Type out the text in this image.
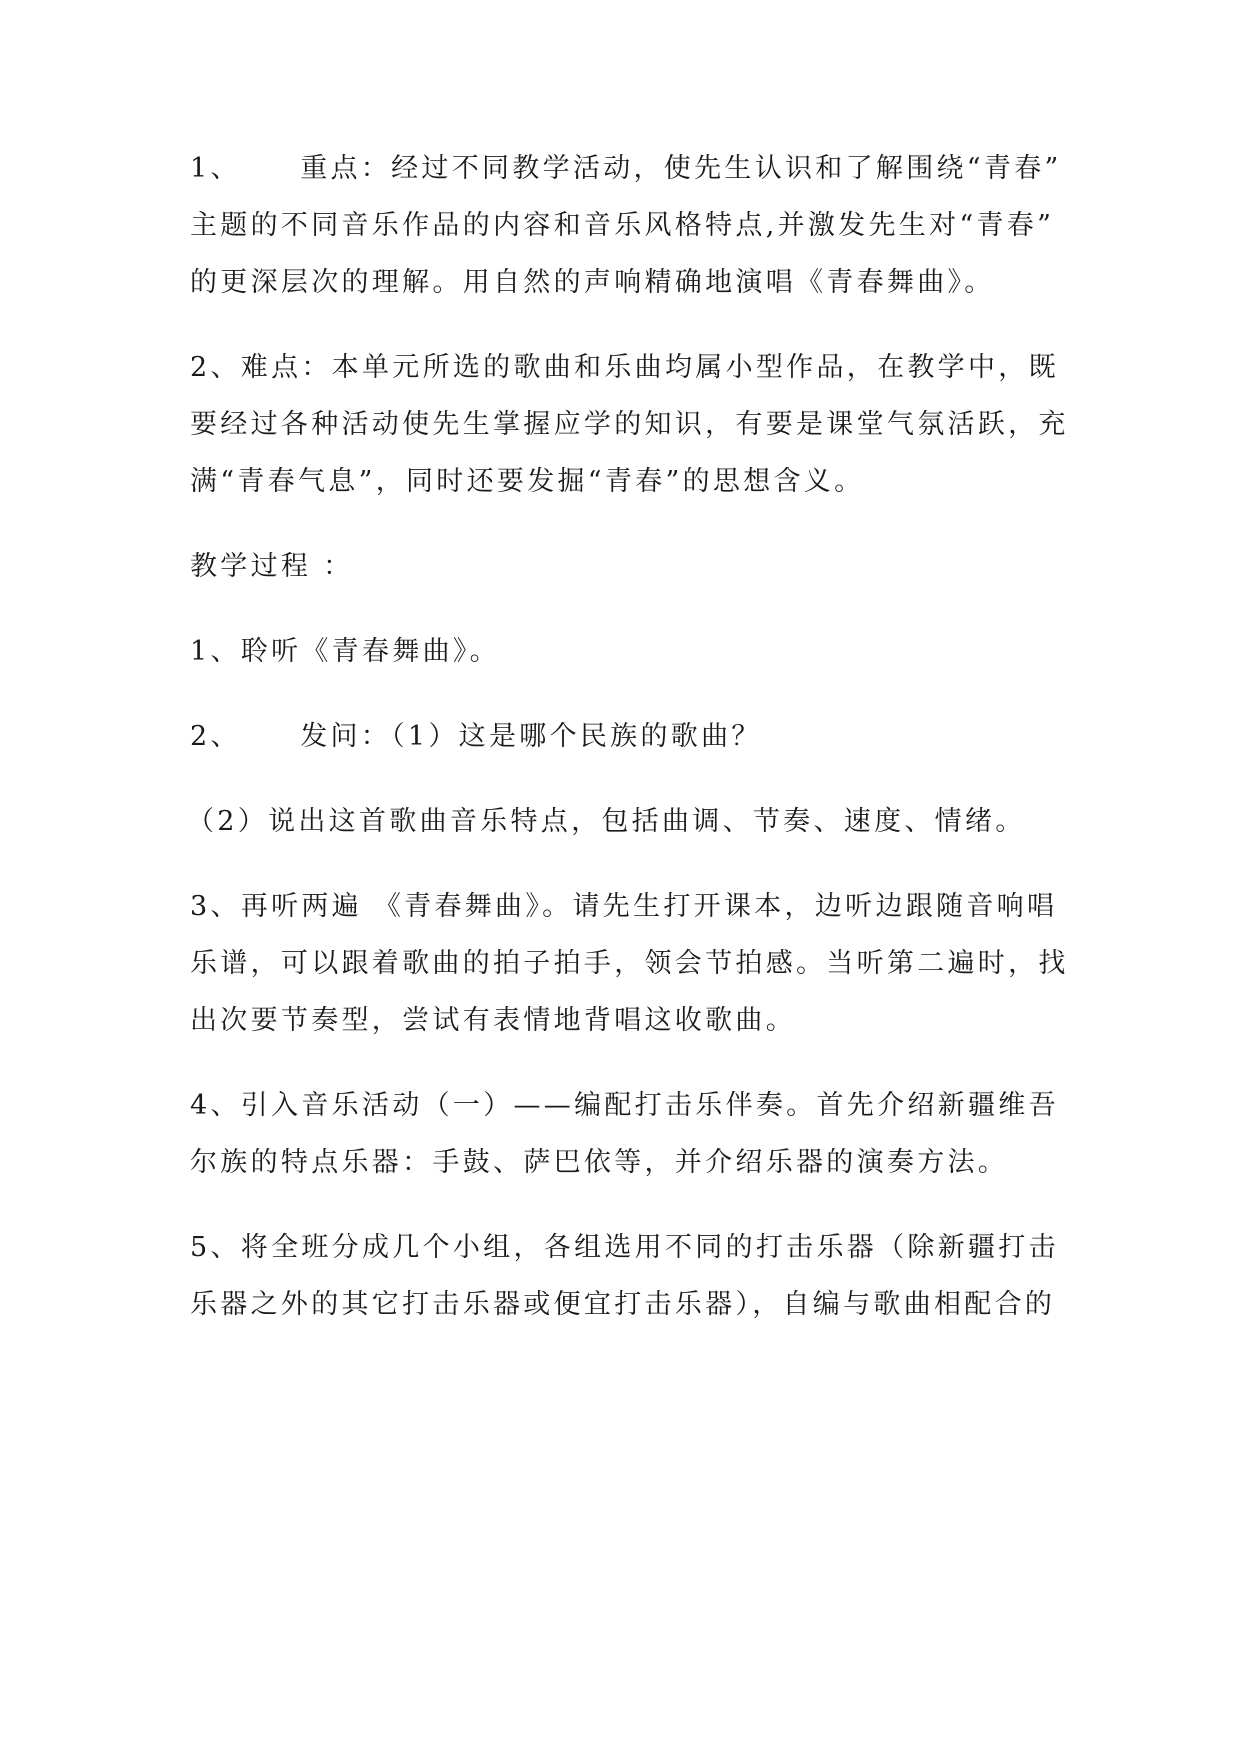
1、     重点：经过不同教学活动，使先生认识和了解围绕“青春”
主题的不同音乐作品的内容和音乐风格特点,并激发先生对“青春”
的更深层次的理解。用自然的声响精确地演唱《青春舞曲》。
2、难点：本单元所选的歌曲和乐曲均属小型作品，在教学中，既
要经过各种活动使先生掌握应学的知识，有要是课堂气氛活跃，充
满“青春气息”，同时还要发掘“青春”的思想含义。
教学过程 ：
1、聆听《青春舞曲》。
2、     发问：（1）这是哪个民族的歌曲？
（2）说出这首歌曲音乐特点，包括曲调、节奏、速度、情绪。
3、再听两遍 《青春舞曲》。请先生打开课本，边听边跟随音响唱
乐谱，可以跟着歌曲的拍子拍手，领会节拍感。当听第二遍时，找
出次要节奏型，尝试有表情地背唱这收歌曲。
4、引入音乐活动（一）——编配打击乐伴奏。首先介绍新疆维吾
尔族的特点乐器：手鼓、萨巴依等，并介绍乐器的演奏方法。
5、将全班分成几个小组，各组选用不同的打击乐器（除新疆打击
乐器之外的其它打击乐器或便宜打击乐器），自编与歌曲相配合的
